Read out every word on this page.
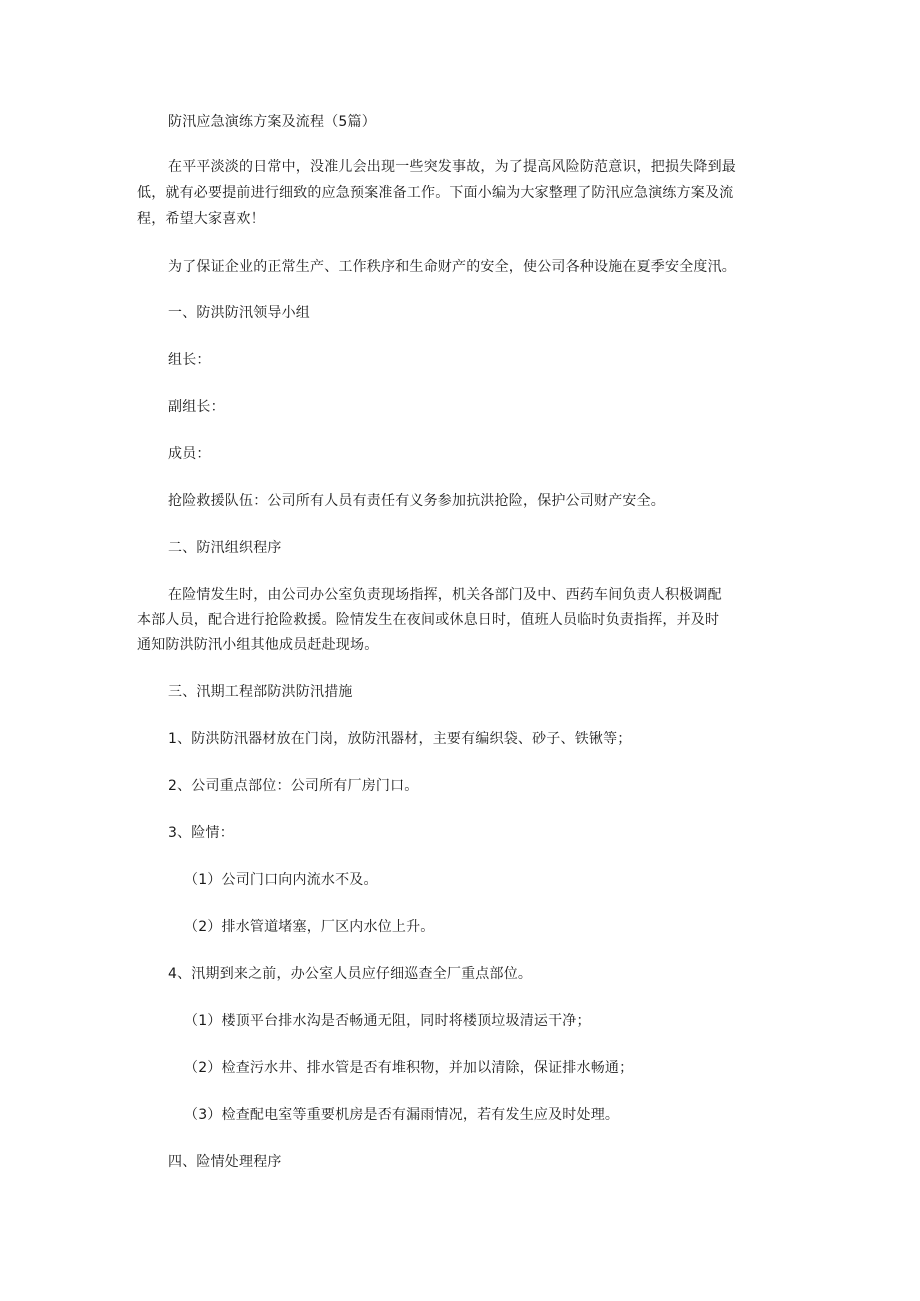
防汛应急演练方案及流程（5篇）
在平平淡淡的日常中，没准儿会出现一些突发事故，为了提高风险防范意识，把损失降到最
低，就有必要提前进行细致的应急预案准备工作。下面小编为大家整理了防汛应急演练方案及流
程，希望大家喜欢！
为了保证企业的正常生产、工作秩序和生命财产的安全，使公司各种设施在夏季安全度汛。
一、防洪防汛领导小组
组长：
副组长：
成员：
抢险救援队伍：公司所有人员有责任有义务参加抗洪抢险，保护公司财产安全。
二、防汛组织程序
在险情发生时，由公司办公室负责现场指挥，机关各部门及中、西药车间负责人积极调配
本部人员，配合进行抢险救援。险情发生在夜间或休息日时，值班人员临时负责指挥，并及时
通知防洪防汛小组其他成员赶赴现场。
三、汛期工程部防洪防汛措施
1、防洪防汛器材放在门岗，放防汛器材，主要有编织袋、砂子、铁锹等；
2、公司重点部位：公司所有厂房门口。
3、险情：
（1）公司门口向内流水不及。
（2）排水管道堵塞，厂区内水位上升。
4、汛期到来之前，办公室人员应仔细巡查全厂重点部位。
（1）楼顶平台排水沟是否畅通无阻，同时将楼顶垃圾清运干净；
（2）检查污水井、排水管是否有堆积物，并加以清除，保证排水畅通；
（3）检查配电室等重要机房是否有漏雨情况，若有发生应及时处理。
四、险情处理程序
